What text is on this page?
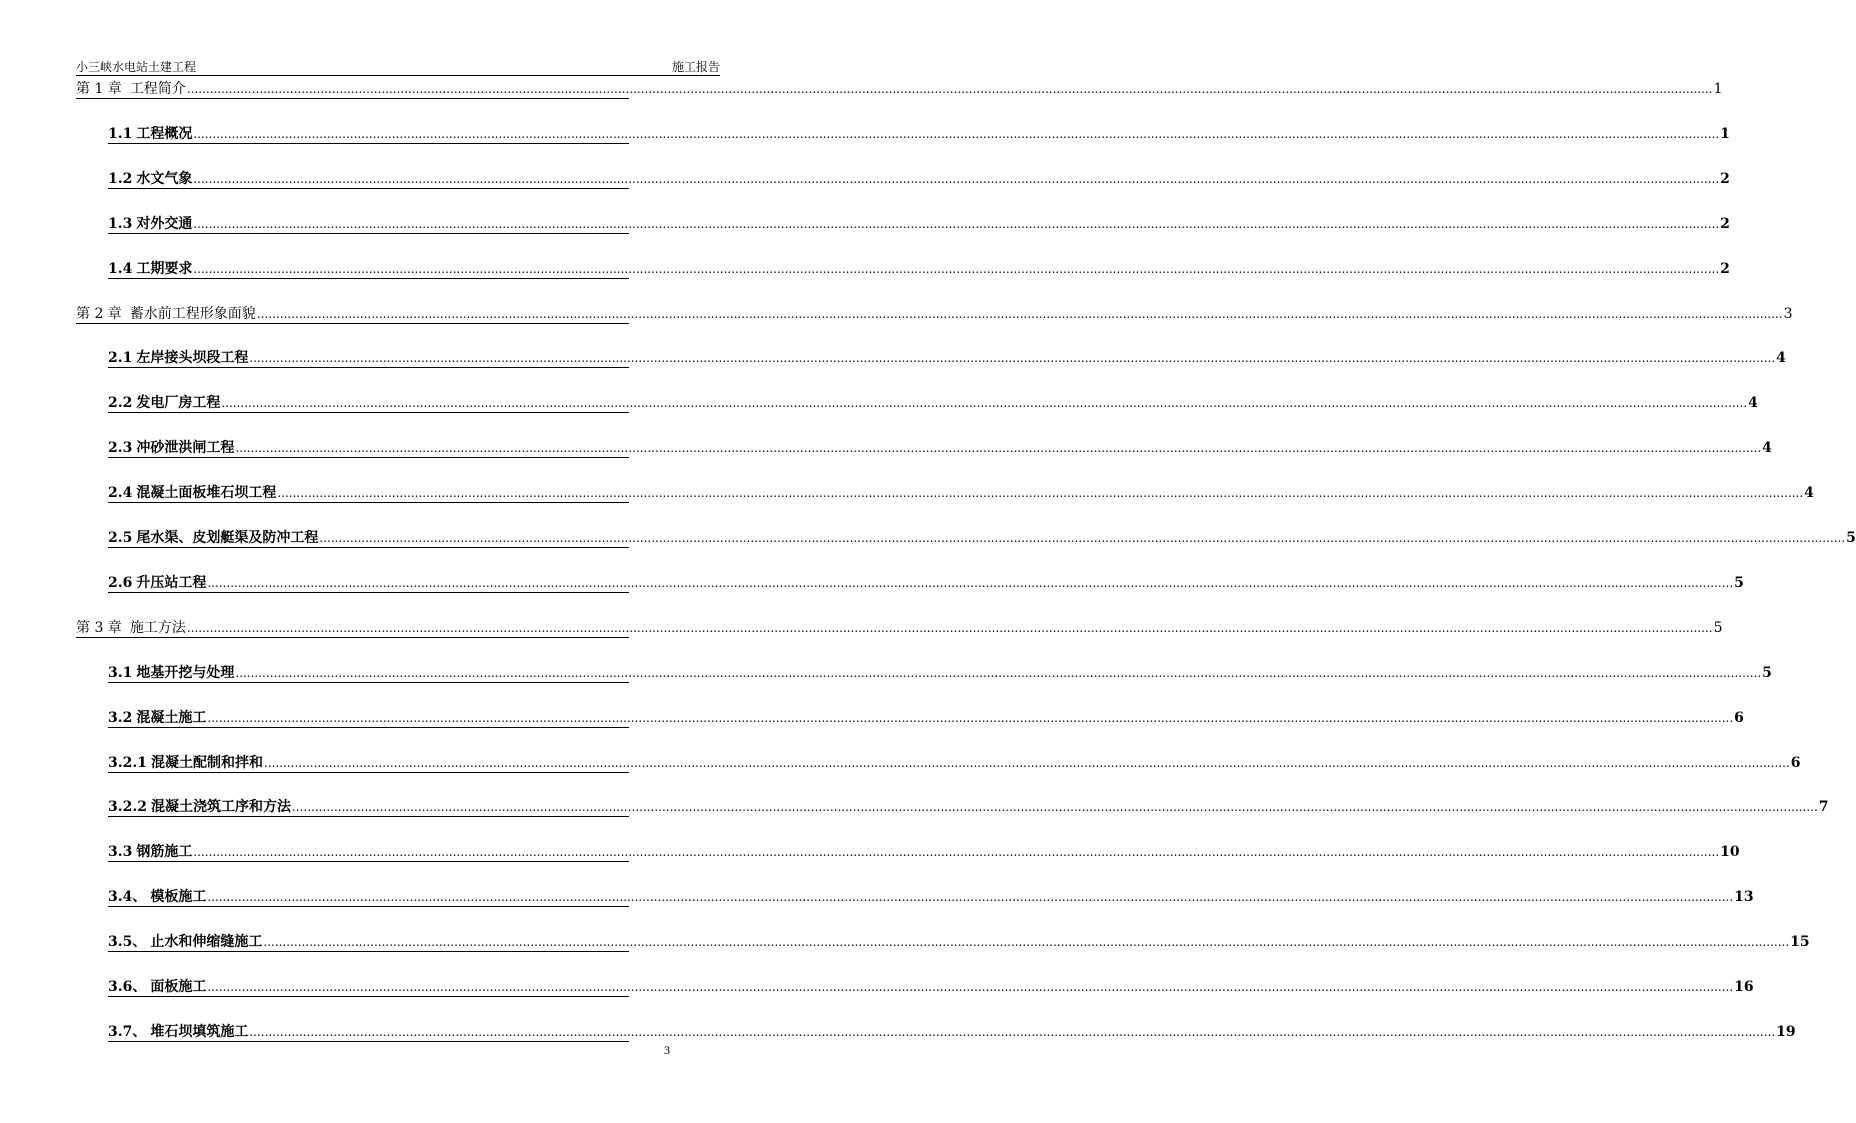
小三峡水电站土建工程	施工报告
第 1 章 工程简介 ................................................................................................................................................................................................................................................................................................................................................................................................................ 1
1.1 工程概况 ................................................................................................................................................................................................................................................................................................................................................................................................................ 1
1.2 水文气象 ................................................................................................................................................................................................................................................................................................................................................................................................................ 2
1.3 对外交通 ................................................................................................................................................................................................................................................................................................................................................................................................................ 2
1.4 工期要求 ................................................................................................................................................................................................................................................................................................................................................................................................................ 2
第 2 章 蓄水前工程形象面貌 ................................................................................................................................................................................................................................................................................................................................................................................................................ 3
2.1 左岸接头坝段工程 ................................................................................................................................................................................................................................................................................................................................................................................................................ 4
2.2 发电厂房工程 ................................................................................................................................................................................................................................................................................................................................................................................................................ 4
2.3 冲砂泄洪闸工程 ................................................................................................................................................................................................................................................................................................................................................................................................................ 4
2.4 混凝土面板堆石坝工程 ................................................................................................................................................................................................................................................................................................................................................................................................................ 4
2.5 尾水渠、皮划艇渠及防冲工程 ................................................................................................................................................................................................................................................................................................................................................................................................................ 5
2.6 升压站工程 ................................................................................................................................................................................................................................................................................................................................................................................................................ 5
第 3 章 施工方法 ................................................................................................................................................................................................................................................................................................................................................................................................................ 5
3.1 地基开挖与处理 ................................................................................................................................................................................................................................................................................................................................................................................................................ 5
3.2 混凝土施工 ................................................................................................................................................................................................................................................................................................................................................................................................................ 6
3.2.1 混凝土配制和拌和 ................................................................................................................................................................................................................................................................................................................................................................................................................ 6
3.2.2 混凝土浇筑工序和方法 ................................................................................................................................................................................................................................................................................................................................................................................................................ 7
3.3 钢筋施工 ................................................................................................................................................................................................................................................................................................................................................................................................................ 10
3.4、 模板施工 ................................................................................................................................................................................................................................................................................................................................................................................................................ 13
3.5、 止水和伸缩缝施工 ................................................................................................................................................................................................................................................................................................................................................................................................................ 15
3.6、 面板施工 ................................................................................................................................................................................................................................................................................................................................................................................................................ 16
3.7、 堆石坝填筑施工 ................................................................................................................................................................................................................................................................................................................................................................................................................ 19
3
